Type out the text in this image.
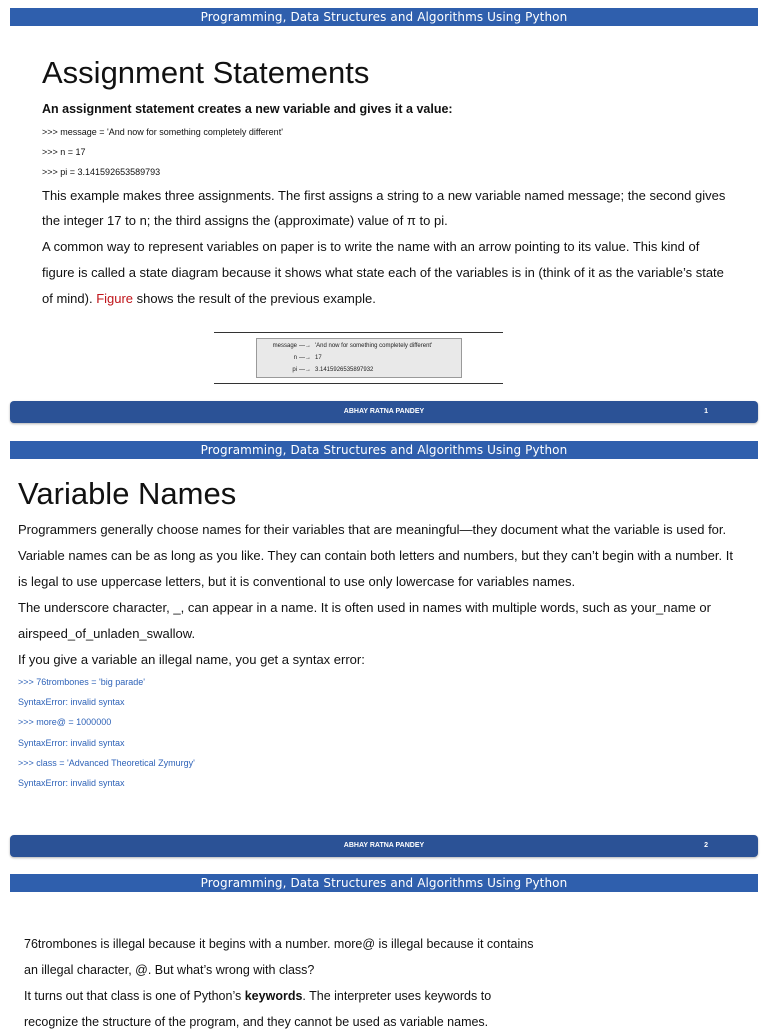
Programming, Data Structures and Algorithms Using Python
Assignment Statements

An assignment statement creates a new variable and gives it a value:

>>> message = 'And now for something completely different'

>>> n = 17

>>> pi = 3.141592653589793

This example makes three assignments. The first assigns a string to a new variable named message; the second gives

the integer 17 to n; the third assigns the (approximate) value of π to pi.

A common way to represent variables on paper is to write the name with an arrow pointing to its value. This kind of

figure is called a state diagram because it shows what state each of the variables is in (think of it as the variable’s state

of mind). Figure shows the result of the previous example.

message —→ 'And now for something completely different'
n —→ 17
pi —→ 3.1415926535897932
ABHAY RATNA PANDEY	1
Programming, Data Structures and Algorithms Using Python
Variable Names

Programmers generally choose names for their variables that are meaningful—they document what the variable is used for.

Variable names can be as long as you like. They can contain both letters and numbers, but they can’t begin with a number. It

is legal to use uppercase letters, but it is conventional to use only lowercase for variables names.

The underscore character, _, can appear in a name. It is often used in names with multiple words, such as your_name or

airspeed_of_unladen_swallow.

If you give a variable an illegal name, you get a syntax error:

>>> 76trombones = 'big parade'

SyntaxError: invalid syntax

>>> more@ = 1000000

SyntaxError: invalid syntax

>>> class = 'Advanced Theoretical Zymurgy'

SyntaxError: invalid syntax

ABHAY RATNA PANDEY	2
Programming, Data Structures and Algorithms Using Python

76trombones is illegal because it begins with a number. more@ is illegal because it contains

an illegal character, @. But what’s wrong with class?

It turns out that class is one of Python’s keywords. The interpreter uses keywords to

recognize the structure of the program, and they cannot be used as variable names.
